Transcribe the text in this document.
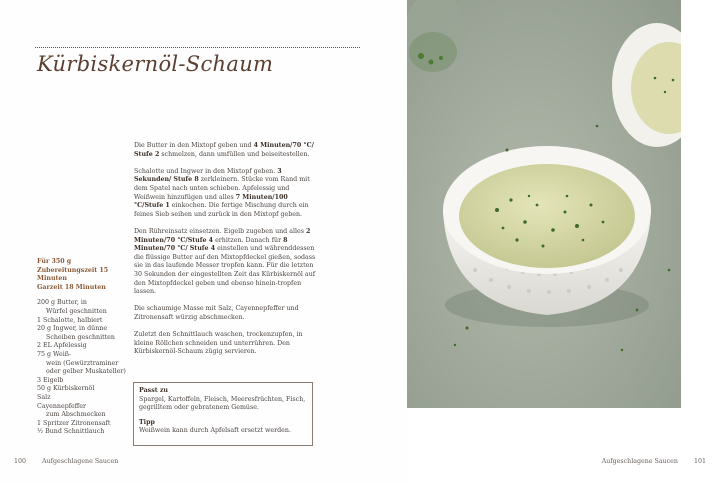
Kürbiskernöl-Schaum
Für 350 g
Zubereitungszeit 15 Minuten
Garzeit 18 Minuten
200 g Butter, in
Würfel geschnitten
1 Schalotte, halbiert
20 g Ingwer, in dünne
Scheiben geschnitten
2 EL Apfelessig
75 g Weiß-
wein (Gewürztraminer
oder gelber Muskateller)
3 Eigelb
50 g Kürbiskernöl
Salz
Cayennepfeffer
zum Abschmecken
1 Spritzer Zitronensaft
½ Bund Schnittlauch

Die Butter in den Mixtopf geben und 4 Minuten/70 °C/ Stufe 2 schmelzen, dann umfüllen und beiseitestellen.

Schalotte und Ingwer in den Mixtopf geben. 3 Sekunden/ Stufe 8 zerkleinern. Stücke vom Rand mit dem Spatel nach unten schieben. Apfelessig und Weißwein hinzufügen und alles 7 Minuten/100 °C/Stufe 1 einkochen. Die fertige Mischung durch ein feines Sieb seihen und zurück in den Mixtopf geben.

Den Rühreinsatz einsetzen. Eigelb zugeben und alles 2 Minuten/70 °C/Stufe 4 erhitzen. Danach für 8 Minuten/70 °C/ Stufe 4 einstellen und währenddessen die flüssige Butter auf den Mixtopfdeckel gießen, sodass sie in das laufende Messer tropfen kann. Für die letzten 30 Sekunden der eingestellten Zeit das Kürbiskernöl auf den Mixtopfdeckel geben und ebenso hinein-tropfen lassen.

Die schaumige Masse mit Salz, Cayennepfeffer und Zitronensaft würzig abschmecken.

Zuletzt den Schnittlauch waschen, trockenzupfen, in kleine Röllchen schneiden und unterrühren. Den Kürbiskernöl-Schaum zügig servieren.

Passt zu
Spargel, Kartoffeln, Fleisch, Meeresfrüchten, Fisch, gegrilltem oder gebratenem Gemüse.
Tipp
Weißwein kann durch Apfelsaft ersetzt werden.
100	Aufgeschlagene Saucen	Aufgeschlagene Saucen	101
